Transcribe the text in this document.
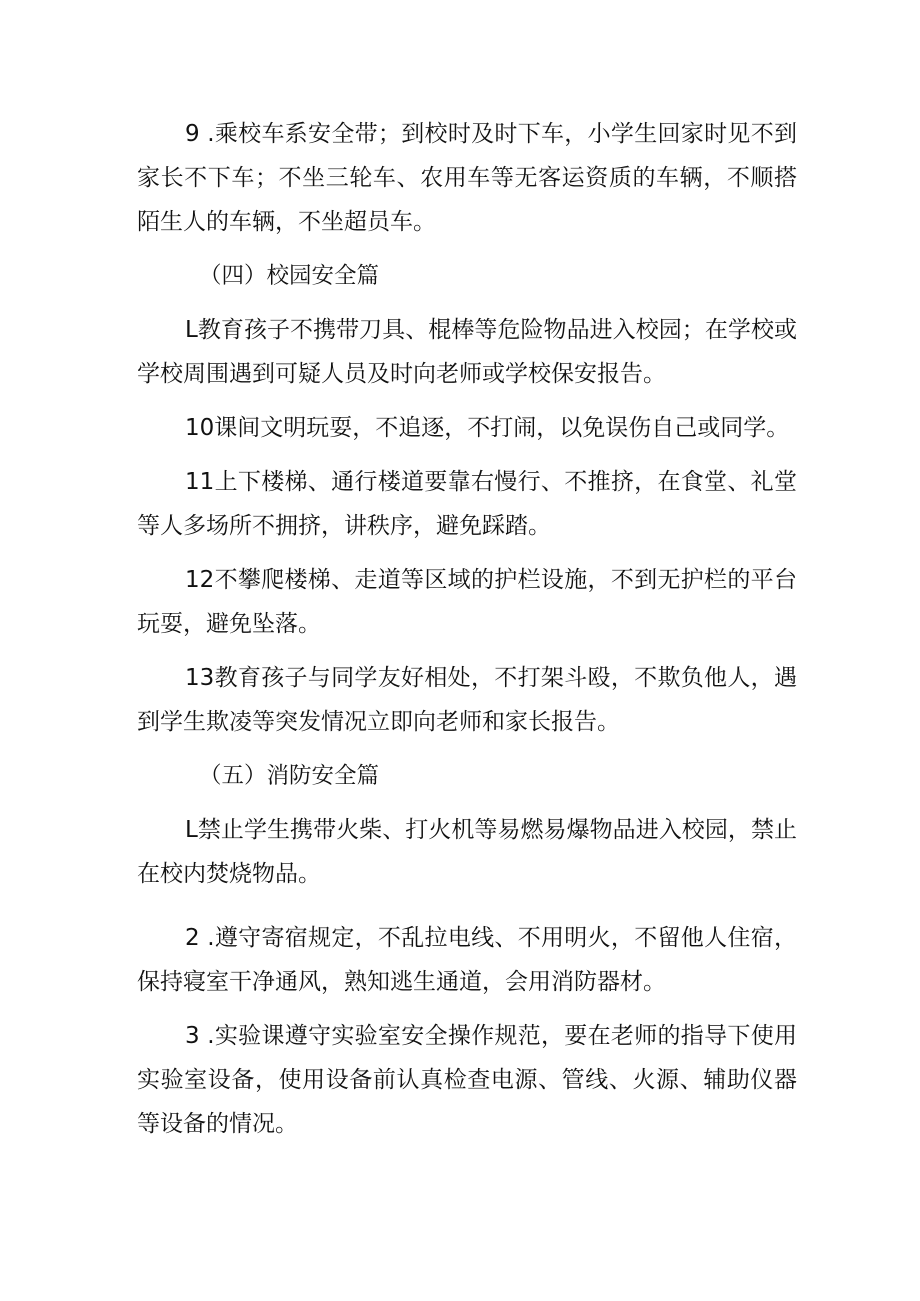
9 .乘校车系安全带；到校时及时下车，小学生回家时见不到家长不下车；不坐三轮车、农用车等无客运资质的车辆，不顺搭陌生人的车辆，不坐超员车。

（四）校园安全篇

L教育孩子不携带刀具、棍棒等危险物品进入校园；在学校或学校周围遇到可疑人员及时向老师或学校保安报告。

10课间文明玩耍，不追逐，不打闹，以免误伤自己或同学。

11上下楼梯、通行楼道要靠右慢行、不推挤，在食堂、礼堂等人多场所不拥挤，讲秩序，避免踩踏。

12不攀爬楼梯、走道等区域的护栏设施，不到无护栏的平台玩耍，避免坠落。

13教育孩子与同学友好相处，不打架斗殴，不欺负他人，遇到学生欺凌等突发情况立即向老师和家长报告。

（五）消防安全篇

L禁止学生携带火柴、打火机等易燃易爆物品进入校园，禁止在校内焚烧物品。

2 .遵守寄宿规定，不乱拉电线、不用明火，不留他人住宿，保持寝室干净通风，熟知逃生通道，会用消防器材。

3 .实验课遵守实验室安全操作规范，要在老师的指导下使用实验室设备，使用设备前认真检查电源、管线、火源、辅助仪器等设备的情况。
